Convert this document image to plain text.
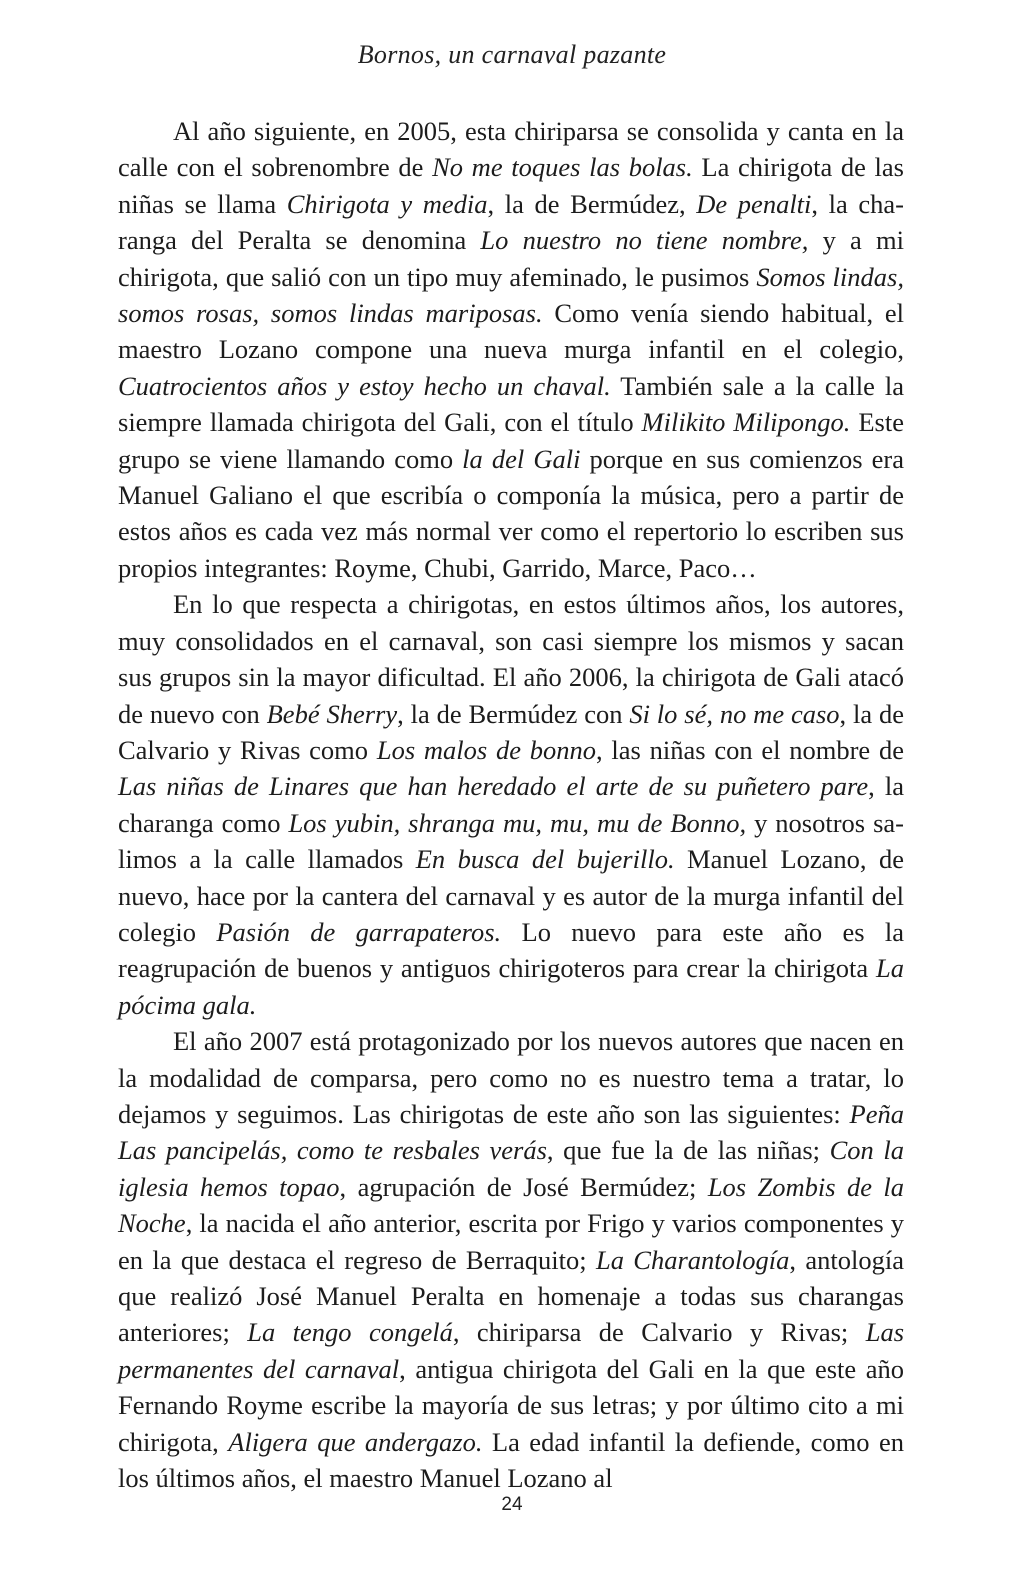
Bornos, un carnaval pazante

Al año siguiente, en 2005, esta chiriparsa se consolida y canta en la calle con el sobrenombre de No me toques las bolas. La chirigota de las niñas se llama Chirigota y media, la de Bermúdez, De penalti, la charanga del Peralta se denomina Lo nuestro no tiene nombre, y a mi chirigota, que salió con un tipo muy afeminado, le pusimos Somos lindas, somos rosas, somos lindas mariposas. Como venía siendo habitual, el maestro Lozano compone una nueva murga infantil en el colegio, Cuatrocientos años y estoy hecho un chaval. También sale a la calle la siempre llamada chirigota del Gali, con el título Milikito Milipongo. Este grupo se viene llamando como la del Gali porque en sus comienzos era Manuel Galiano el que escribía o componía la música, pero a partir de estos años es cada vez más normal ver como el repertorio lo escriben sus propios integrantes: Royme, Chubi, Garrido, Marce, Paco…

En lo que respecta a chirigotas, en estos últimos años, los autores, muy consolidados en el carnaval, son casi siempre los mismos y sacan sus grupos sin la mayor dificultad. El año 2006, la chirigota de Gali atacó de nuevo con Bebé Sherry, la de Bermúdez con Si lo sé, no me caso, la de Calvario y Rivas como Los malos de bonno, las niñas con el nombre de Las niñas de Linares que han heredado el arte de su puñetero pare, la charanga como Los yubin, shranga mu, mu, mu de Bonno, y nosotros salimos a la calle llamados En busca del bujerillo. Manuel Lozano, de nuevo, hace por la cantera del carnaval y es autor de la murga infantil del colegio Pasión de garrapateros. Lo nuevo para este año es la reagrupación de buenos y antiguos chirigoteros para crear la chirigota La pócima gala.

El año 2007 está protagonizado por los nuevos autores que nacen en la modalidad de comparsa, pero como no es nuestro tema a tratar, lo dejamos y seguimos. Las chirigotas de este año son las siguientes: Peña Las pancipelás, como te resbales verás, que fue la de las niñas; Con la iglesia hemos topao, agrupación de José Bermúdez; Los Zombis de la Noche, la nacida el año anterior, escrita por Frigo y varios componentes y en la que destaca el regreso de Berraquito; La Charantología, antología que realizó José Manuel Peralta en homenaje a todas sus charangas anteriores; La tengo congelá, chiriparsa de Calvario y Rivas; Las permanentes del carnaval, antigua chirigota del Gali en la que este año Fernando Royme escribe la mayoría de sus letras; y por último cito a mi chirigota, Aligera que andergazo. La edad infantil la defiende, como en los últimos años, el maestro Manuel Lozano al

24
